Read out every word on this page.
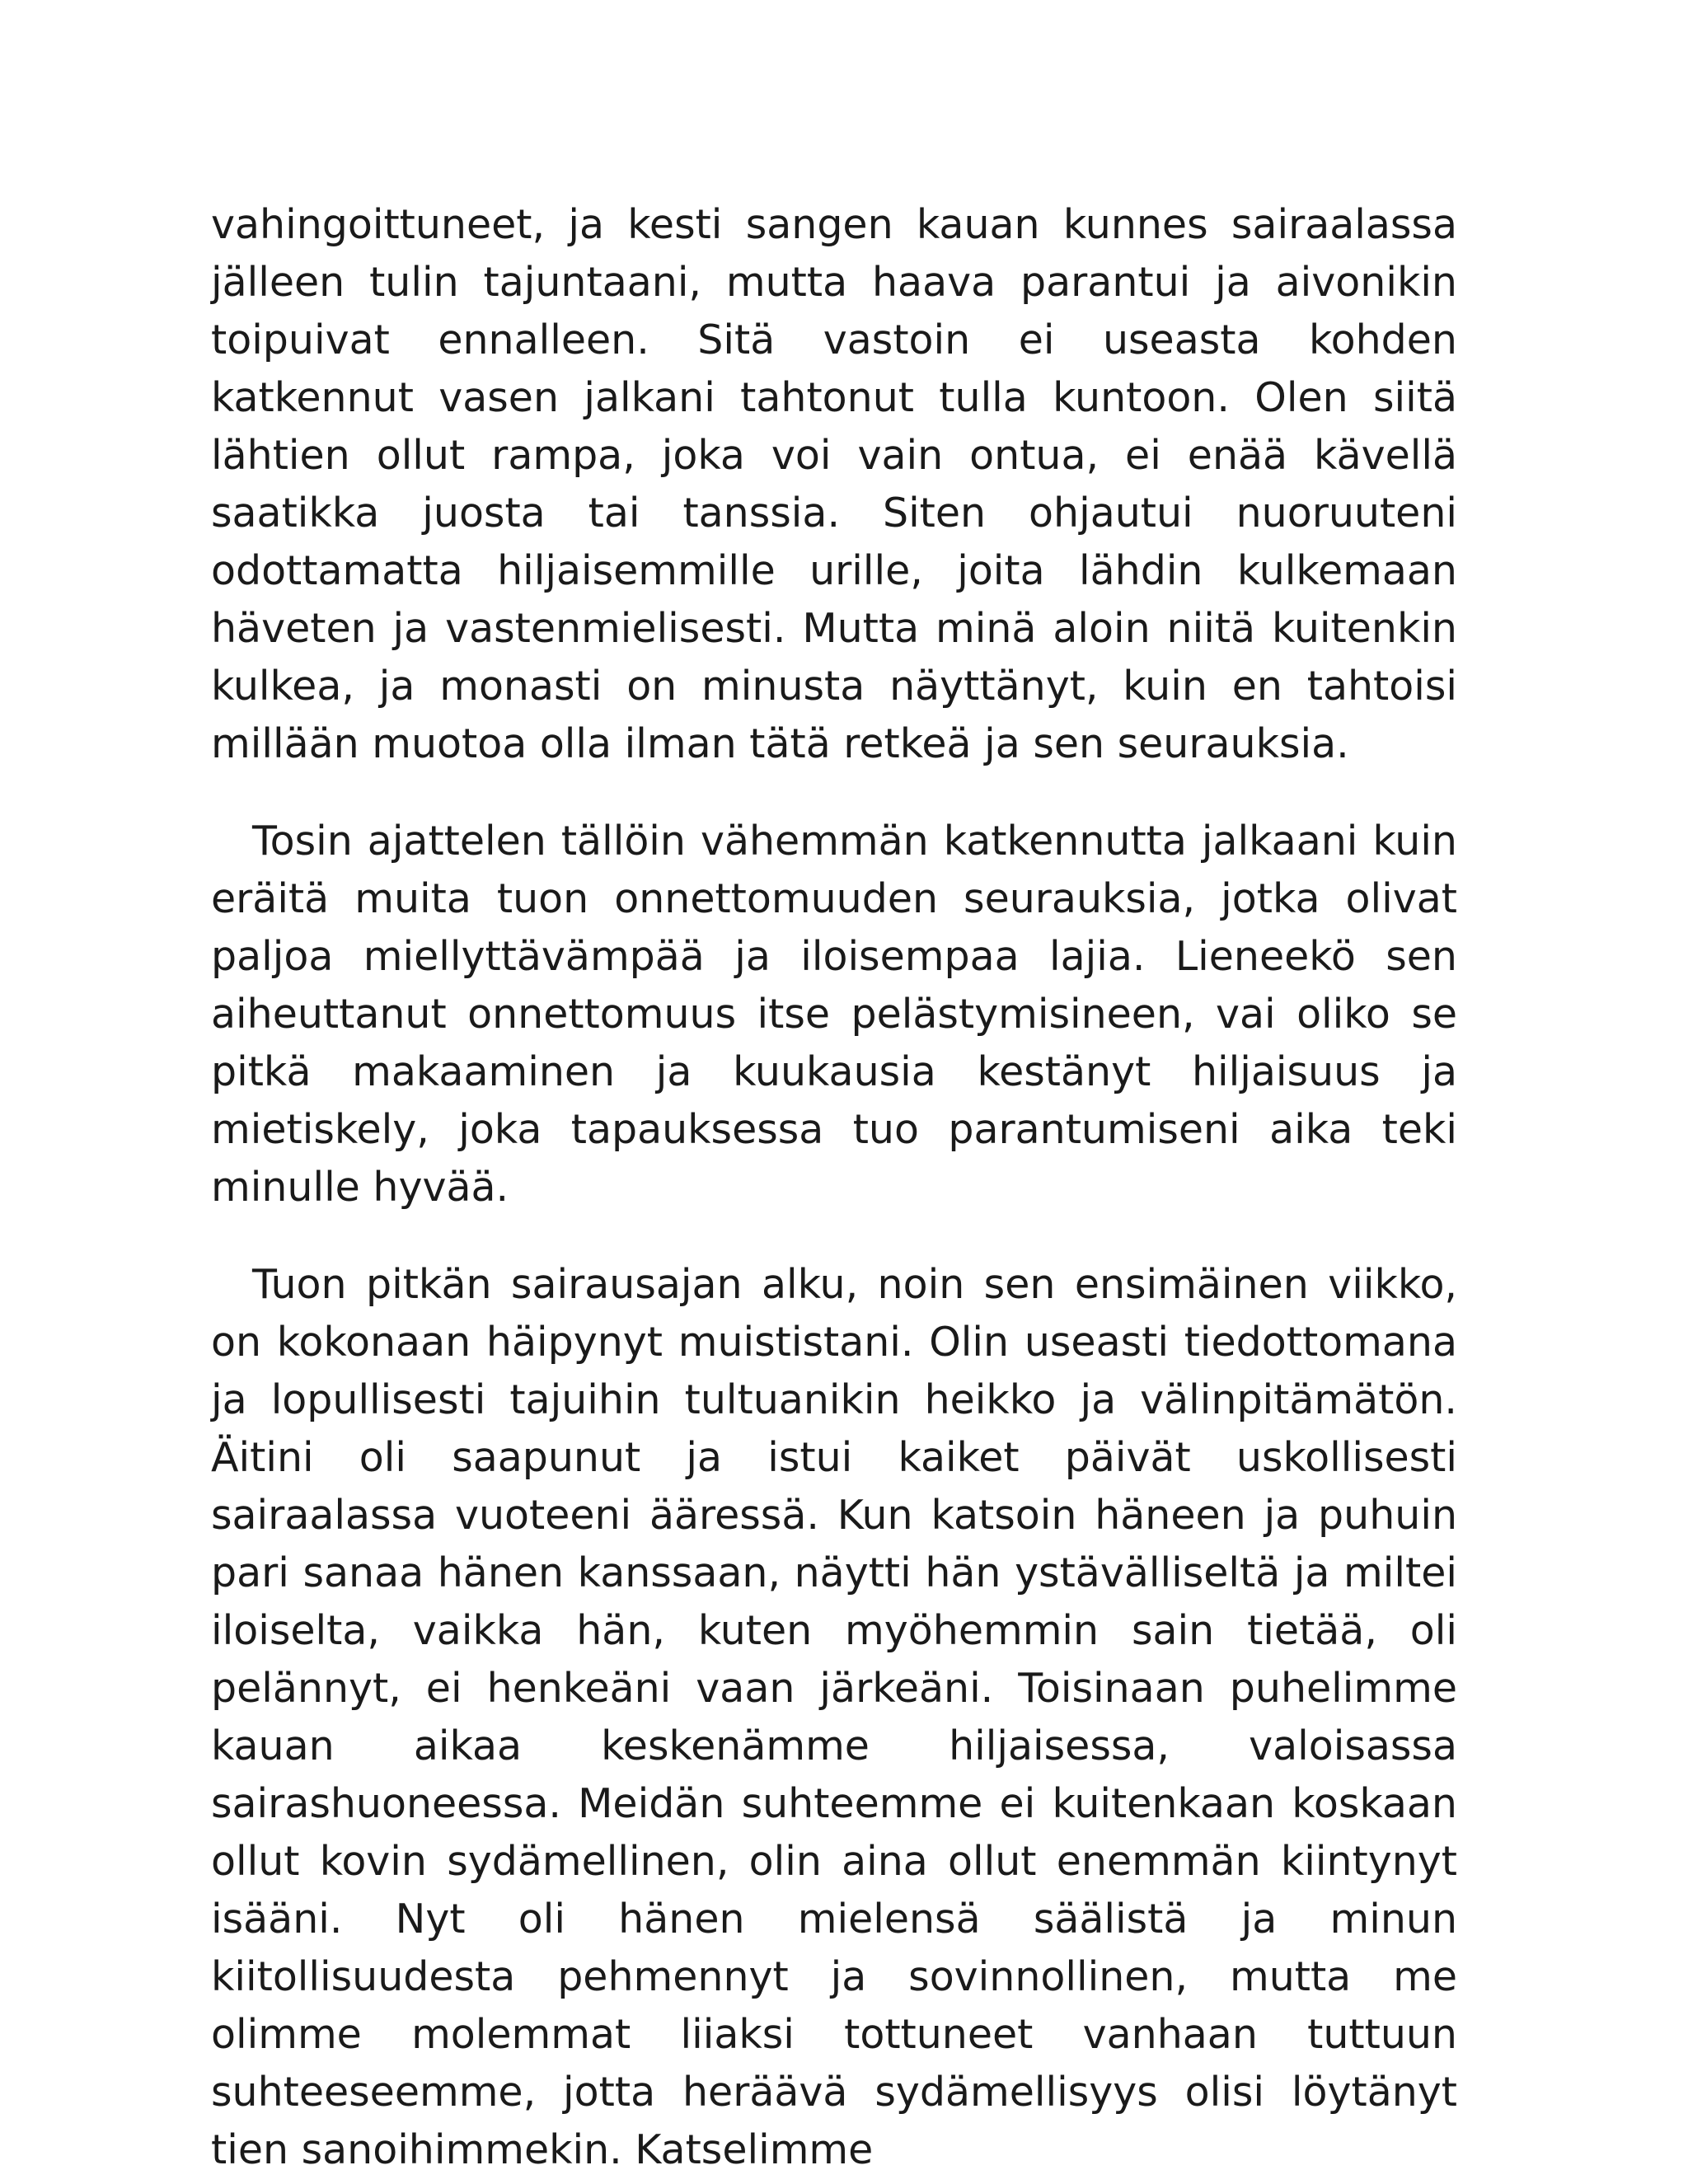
vahingoittuneet, ja kesti sangen kauan kunnes sairaalassa jälleen tulin tajuntaani, mutta haava parantui ja aivonikin toipuivat ennalleen. Sitä vastoin ei useasta kohden katkennut vasen jalkani tahtonut tulla kuntoon. Olen siitä lähtien ollut rampa, joka voi vain ontua, ei enää kävellä saatikka juosta tai tanssia. Siten ohjautui nuoruuteni odottamatta hiljaisemmille urille, joita lähdin kulkemaan häveten ja vastenmielisesti. Mutta minä aloin niitä kuitenkin kulkea, ja monasti on minusta näyttänyt, kuin en tahtoisi millään muotoa olla ilman tätä retkeä ja sen seurauksia.

Tosin ajattelen tällöin vähemmän katkennutta jalkaani kuin eräitä muita tuon onnettomuuden seurauksia, jotka olivat paljoa miellyttävämpää ja iloisempaa lajia. Lieneekö sen aiheuttanut onnettomuus itse pelästymisineen, vai oliko se pitkä makaaminen ja kuukausia kestänyt hiljaisuus ja mietiskely, joka tapauksessa tuo parantumiseni aika teki minulle hyvää.

Tuon pitkän sairausajan alku, noin sen ensimäinen viikko, on kokonaan häipynyt muististani. Olin useasti tiedottomana ja lopullisesti tajuihin tultuanikin heikko ja välinpitämätön. Äitini oli saapunut ja istui kaiket päivät uskollisesti sairaalassa vuoteeni ääressä. Kun katsoin häneen ja puhuin pari sanaa hänen kanssaan, näytti hän ystävälliseltä ja miltei iloiselta, vaikka hän, kuten myöhemmin sain tietää, oli pelännyt, ei henkeäni vaan järkeäni. Toisinaan puhelimme kauan aikaa keskenämme hiljaisessa, valoisassa sairashuoneessa. Meidän suhteemme ei kuitenkaan koskaan ollut kovin sydämellinen, olin aina ollut enemmän kiintynyt isääni. Nyt oli hänen mielensä säälistä ja minun kiitollisuudesta pehmennyt ja sovinnollinen, mutta me olimme molemmat liiaksi tottuneet vanhaan tuttuun suhteeseemme, jotta heräävä sydämellisyys olisi löytänyt tien sanoihimmekin. Katselimme
